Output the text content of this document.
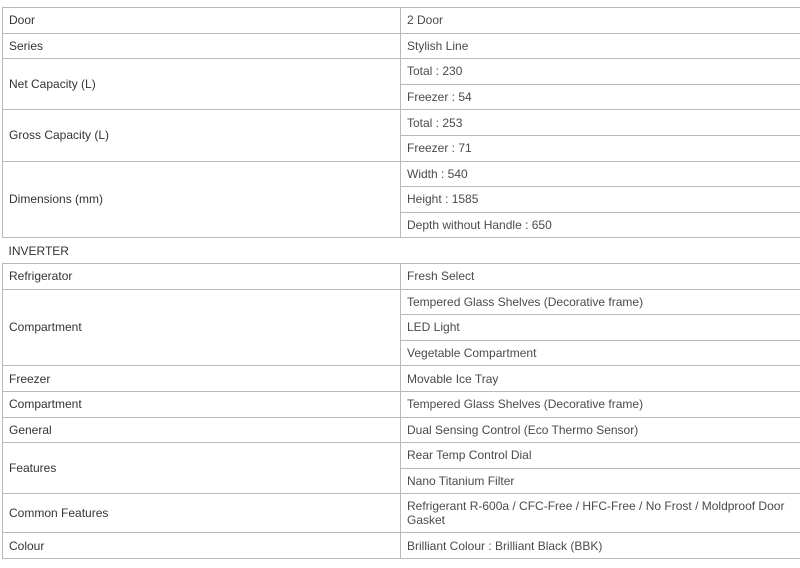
Door	2 Door
Series	Stylish Line
Net Capacity (L)	Total : 230
	Freezer : 54
Gross Capacity (L)	Total : 253
	Freezer : 71
Dimensions (mm)	Width : 540
	Height : 1585
	Depth without Handle : 650
INVERTER	
Refrigerator	Fresh Select
Compartment	Tempered Glass Shelves (Decorative frame)
	LED Light
	Vegetable Compartment
Freezer	Movable Ice Tray
Compartment	Tempered Glass Shelves (Decorative frame)
General	Dual Sensing Control (Eco Thermo Sensor)
Features	Rear Temp Control Dial
	Nano Titanium Filter
Common Features	Refrigerant R-600a / CFC-Free / HFC-Free / No Frost / Moldproof Door Gasket
Colour	Brilliant Colour : Brilliant Black (BBK)
